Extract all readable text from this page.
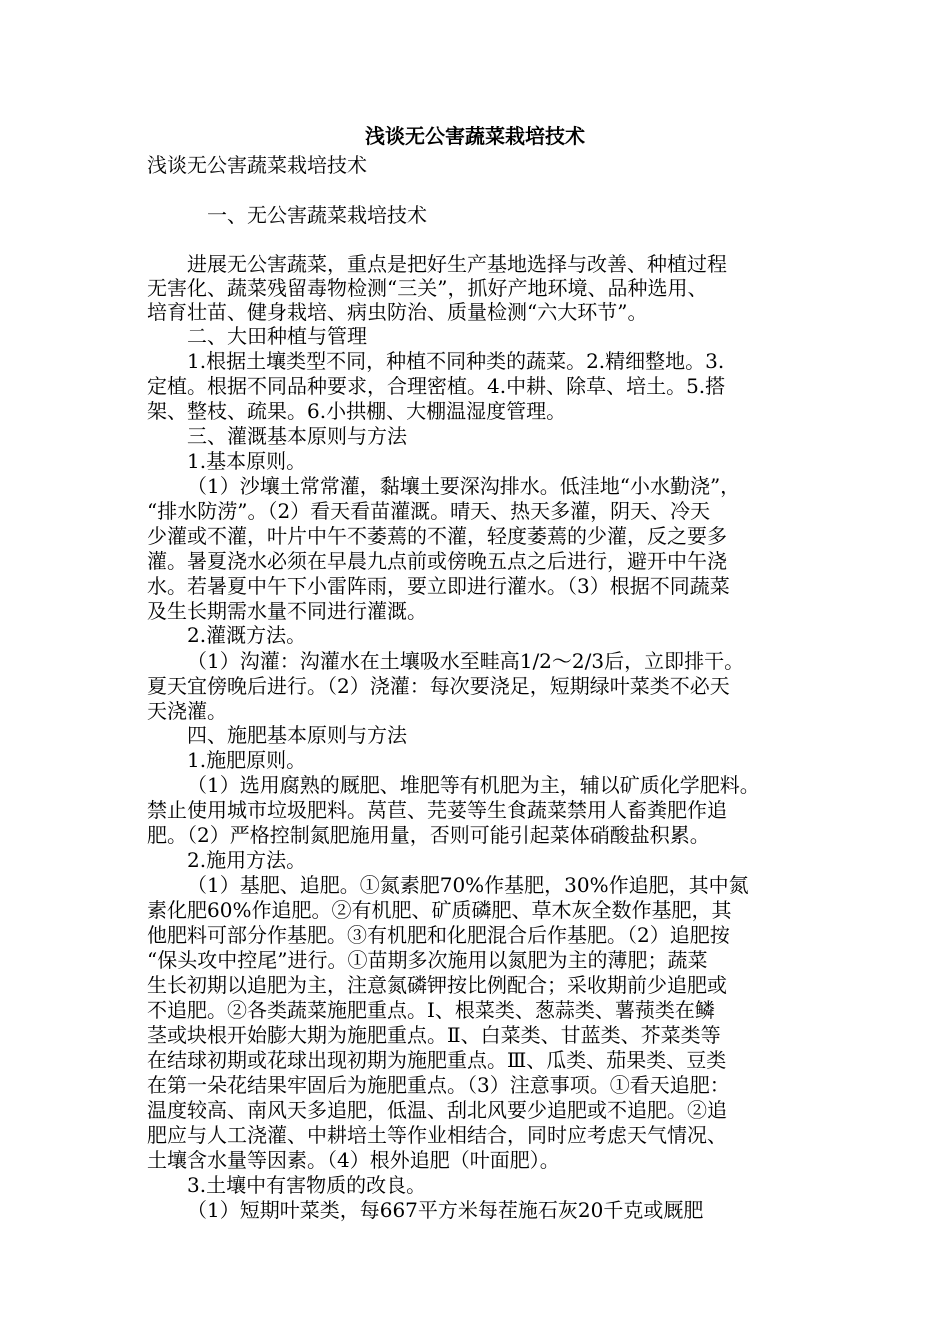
浅谈无公害蔬菜栽培技术
浅谈无公害蔬菜栽培技术
一、无公害蔬菜栽培技术
进展无公害蔬菜，重点是把好生产基地选择与改善、种植过程
无害化、蔬菜残留毒物检测“三关”，抓好产地环境、品种选用、
培育壮苗、健身栽培、病虫防治、质量检测“六大环节”。
二、大田种植与管理
1.根据土壤类型不同，种植不同种类的蔬菜。2.精细整地。3.
定植。根据不同品种要求，合理密植。4.中耕、除草、培土。5.搭
架、整枝、疏果。6.小拱棚、大棚温湿度管理。
三、灌溉基本原则与方法
1.基本原则。
（1）沙壤土常常灌，黏壤土要深沟排水。低洼地“小水勤浇”，
“排水防涝”。（2）看天看苗灌溉。晴天、热天多灌，阴天、冷天
少灌或不灌，叶片中午不萎蔫的不灌，轻度萎蔫的少灌，反之要多
灌。暑夏浇水必须在早晨九点前或傍晚五点之后进行，避开中午浇
水。若暑夏中午下小雷阵雨，要立即进行灌水。（3）根据不同蔬菜
及生长期需水量不同进行灌溉。
2.灌溉方法。
（1）沟灌：沟灌水在土壤吸水至畦高1/2～2/3后，立即排干。
夏天宜傍晚后进行。（2）浇灌：每次要浇足，短期绿叶菜类不必天
天浇灌。
四、施肥基本原则与方法
1.施肥原则。
（1）选用腐熟的厩肥、堆肥等有机肥为主，辅以矿质化学肥料。
禁止使用城市垃圾肥料。莴苣、芫荽等生食蔬菜禁用人畜粪肥作追
肥。（2）严格控制氮肥施用量，否则可能引起菜体硝酸盐积累。
2.施用方法。
（1）基肥、追肥。①氮素肥70%作基肥，30%作追肥，其中氮
素化肥60%作追肥。②有机肥、矿质磷肥、草木灰全数作基肥，其
他肥料可部分作基肥。③有机肥和化肥混合后作基肥。（2）追肥按
“保头攻中控尾”进行。①苗期多次施用以氮肥为主的薄肥；蔬菜
生长初期以追肥为主，注意氮磷钾按比例配合；采收期前少追肥或
不追肥。②各类蔬菜施肥重点。Ⅰ、根菜类、葱蒜类、薯蓣类在鳞
茎或块根开始膨大期为施肥重点。Ⅱ、白菜类、甘蓝类、芥菜类等
在结球初期或花球出现初期为施肥重点。Ⅲ、瓜类、茄果类、豆类
在第一朵花结果牢固后为施肥重点。（3）注意事项。①看天追肥：
温度较高、南风天多追肥，低温、刮北风要少追肥或不追肥。②追
肥应与人工浇灌、中耕培土等作业相结合，同时应考虑天气情况、
土壤含水量等因素。（4）根外追肥（叶面肥）。
3.土壤中有害物质的改良。
（1）短期叶菜类，每667平方米每茬施石灰20千克或厩肥
